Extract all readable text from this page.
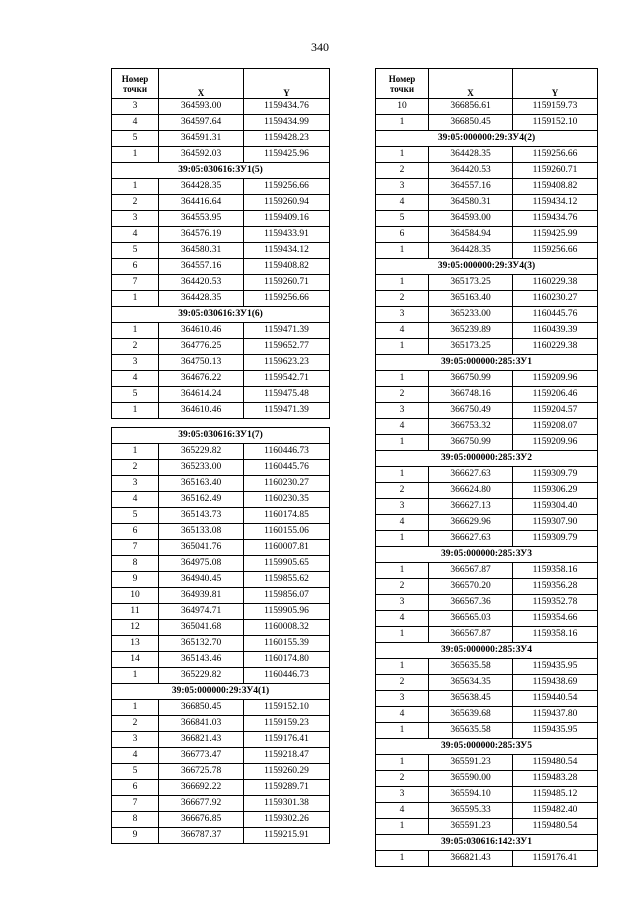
340
Номер
точки	X	Y
3	364593.00	1159434.76
4	364597.64	1159434.99
5	364591.31	1159428.23
1	364592.03	1159425.96
39:05:030616:ЗУ1(5)		
1	364428.35	1159256.66
2	364416.64	1159260.94
3	364553.95	1159409.16
4	364576.19	1159433.91
5	364580.31	1159434.12
6	364557.16	1159408.82
7	364420.53	1159260.71
1	364428.35	1159256.66
39:05:030616:ЗУ1(6)		
1	364610.46	1159471.39
2	364776.25	1159652.77
3	364750.13	1159623.23
4	364676.22	1159542.71
5	364614.24	1159475.48
1	364610.46	1159471.39
39:05:030616:ЗУ1(7)		
1	365229.82	1160446.73
2	365233.00	1160445.76
3	365163.40	1160230.27
4	365162.49	1160230.35
5	365143.73	1160174.85
6	365133.08	1160155.06
7	365041.76	1160007.81
8	364975.08	1159905.65
9	364940.45	1159855.62
10	364939.81	1159856.07
11	364974.71	1159905.96
12	365041.68	1160008.32
13	365132.70	1160155.39
14	365143.46	1160174.80
1	365229.82	1160446.73
39:05:000000:29:ЗУ4(1)		
1	366850.45	1159152.10
2	366841.03	1159159.23
3	366821.43	1159176.41
4	366773.47	1159218.47
5	366725.78	1159260.29
6	366692.22	1159289.71
7	366677.92	1159301.38
8	366676.85	1159302.26
9	366787.37	1159215.91
Номер
точки	X	Y
10	366856.61	1159159.73
1	366850.45	1159152.10
39:05:000000:29:ЗУ4(2)		
1	364428.35	1159256.66
2	364420.53	1159260.71
3	364557.16	1159408.82
4	364580.31	1159434.12
5	364593.00	1159434.76
6	364584.94	1159425.99
1	364428.35	1159256.66
39:05:000000:29:ЗУ4(3)		
1	365173.25	1160229.38
2	365163.40	1160230.27
3	365233.00	1160445.76
4	365239.89	1160439.39
1	365173.25	1160229.38
39:05:000000:285:ЗУ1		
1	366750.99	1159209.96
2	366748.16	1159206.46
3	366750.49	1159204.57
4	366753.32	1159208.07
1	366750.99	1159209.96
39:05:000000:285:ЗУ2		
1	366627.63	1159309.79
2	366624.80	1159306.29
3	366627.13	1159304.40
4	366629.96	1159307.90
1	366627.63	1159309.79
39:05:000000:285:ЗУ3		
1	366567.87	1159358.16
2	366570.20	1159356.28
3	366567.36	1159352.78
4	366565.03	1159354.66
1	366567.87	1159358.16
39:05:000000:285:ЗУ4		
1	365635.58	1159435.95
2	365634.35	1159438.69
3	365638.45	1159440.54
4	365639.68	1159437.80
1	365635.58	1159435.95
39:05:000000:285:ЗУ5		
1	365591.23	1159480.54
2	365590.00	1159483.28
3	365594.10	1159485.12
4	365595.33	1159482.40
1	365591.23	1159480.54
39:05:030616:142:ЗУ1		
1	366821.43	1159176.41
